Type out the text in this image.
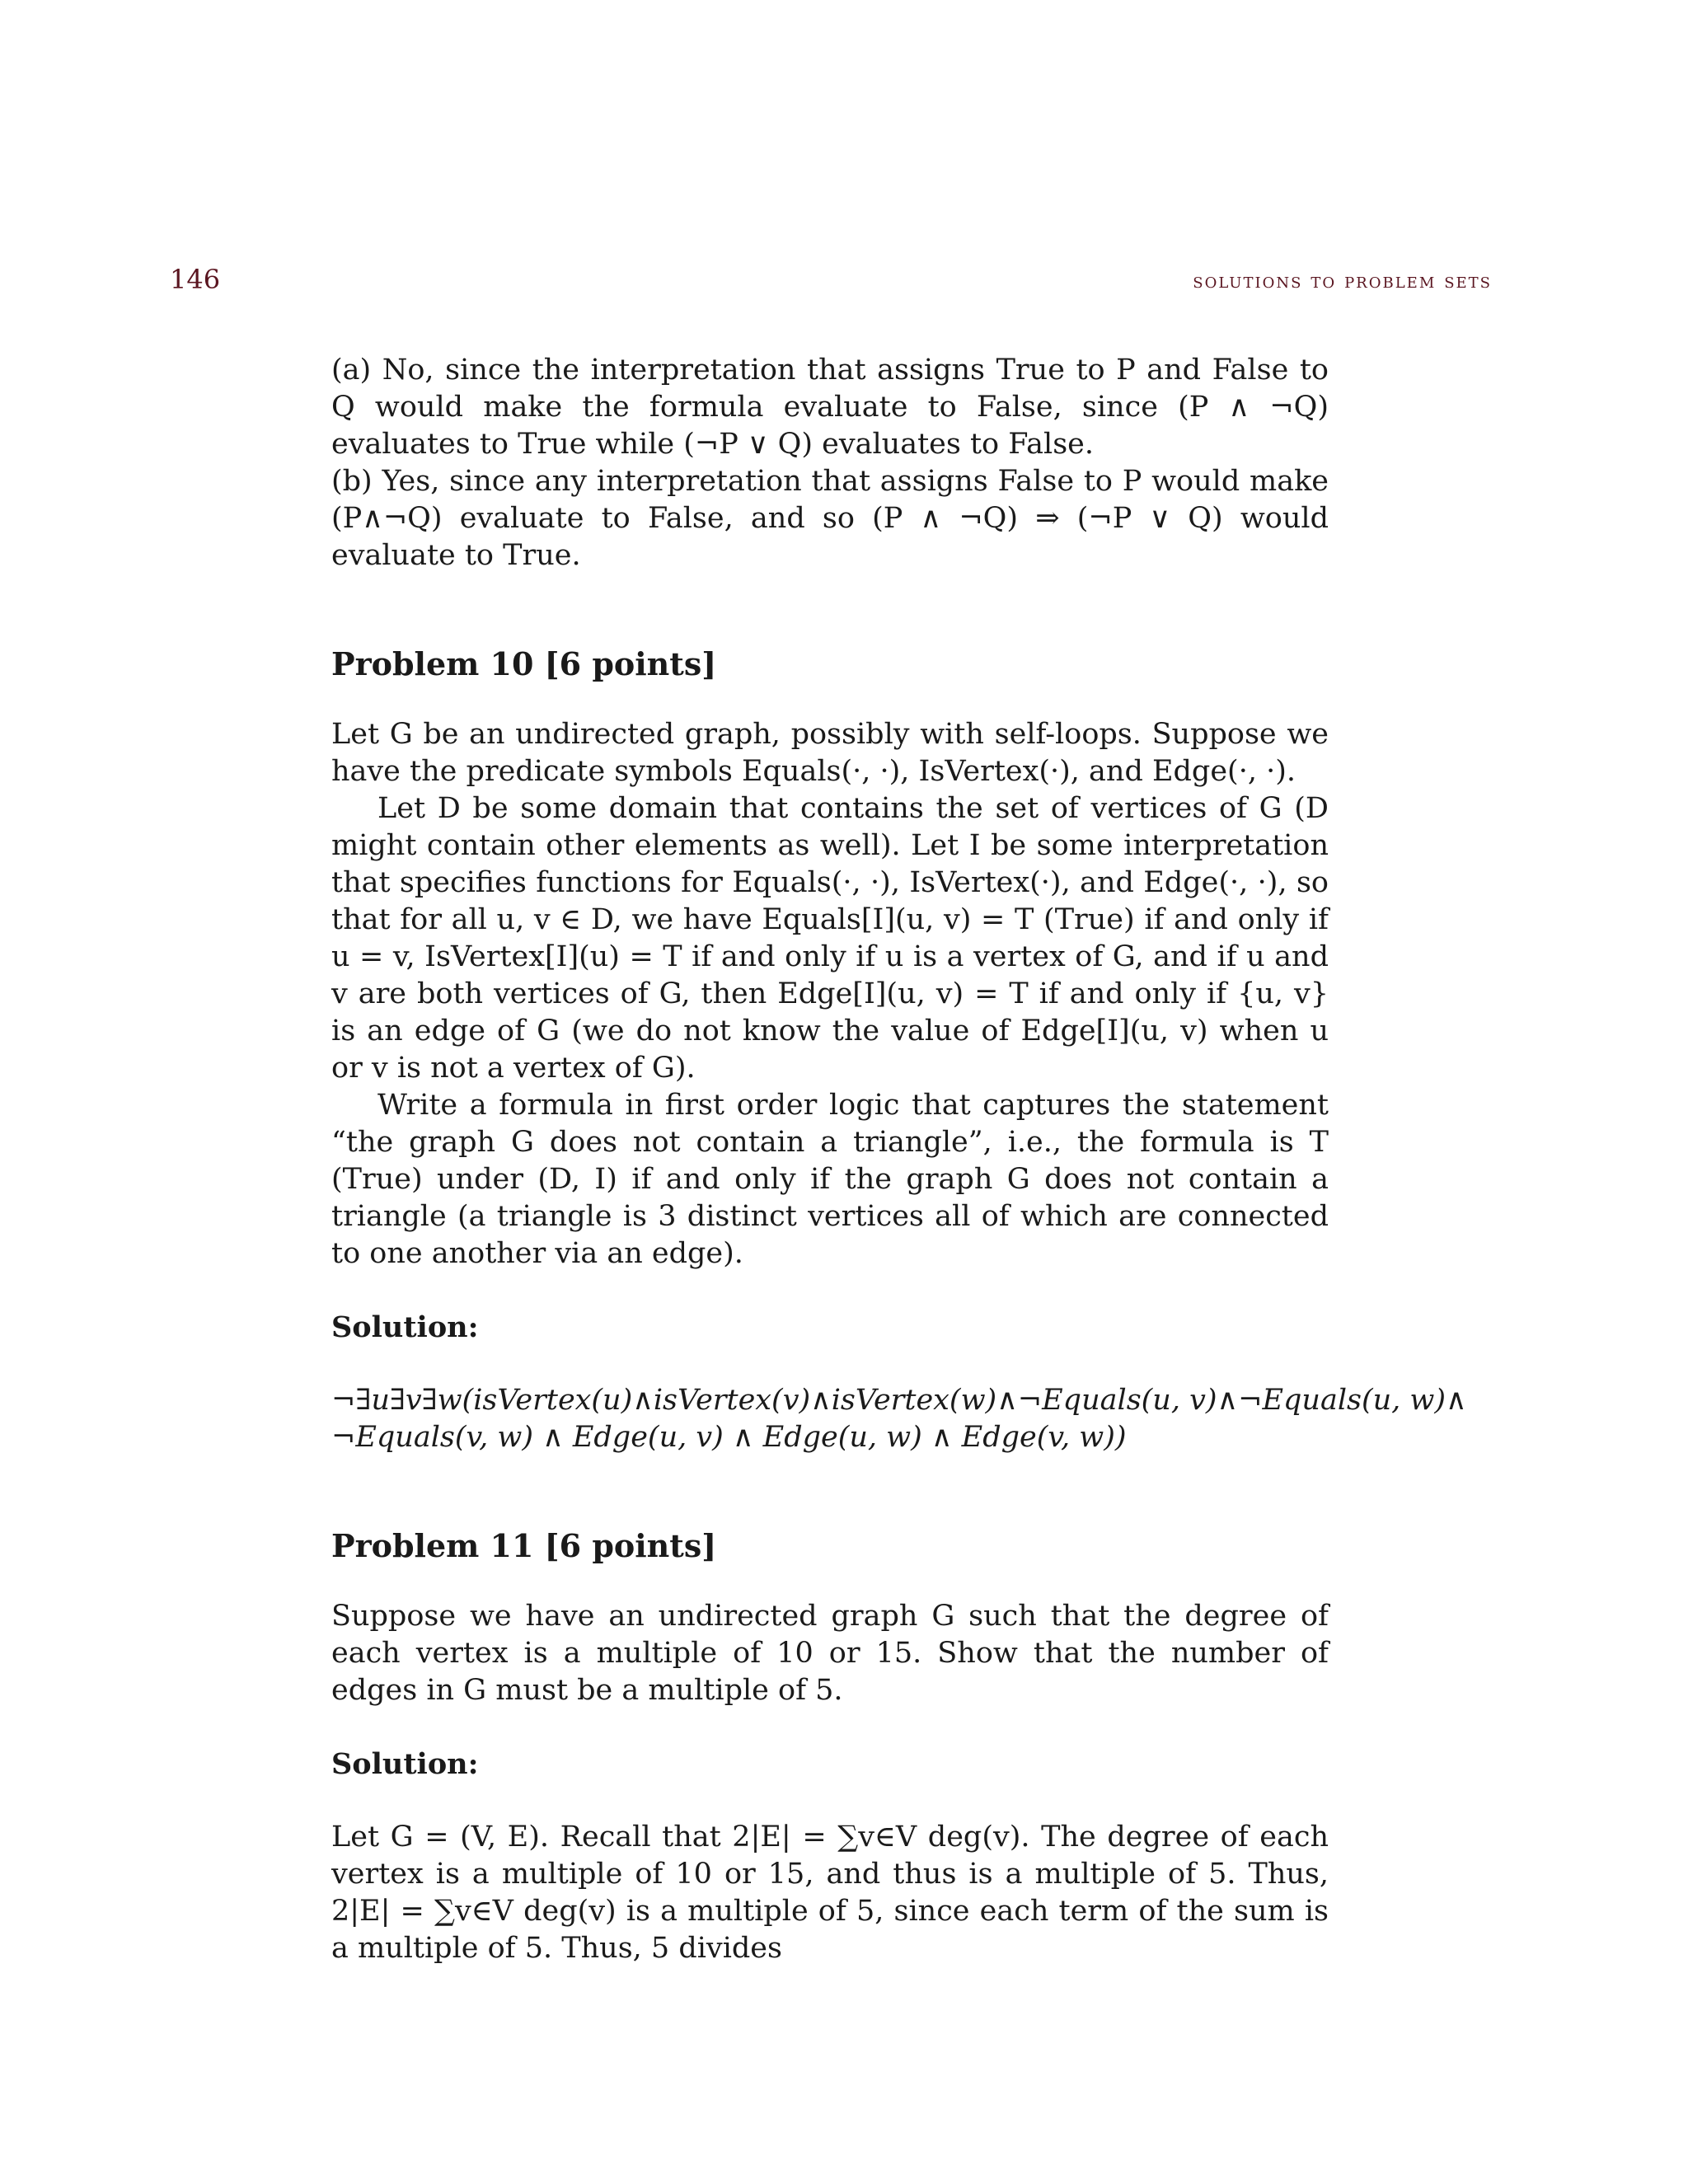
146	solutions to problem sets

(a) No, since the interpretation that assigns True to P and False to Q would make the formula evaluate to False, since (P ∧ ¬Q) evaluates to True while (¬P ∨ Q) evaluates to False.

(b) Yes, since any interpretation that assigns False to P would make (P∧¬Q) evaluate to False, and so (P ∧ ¬Q) ⇒ (¬P ∨ Q) would evaluate to True.

Problem 10 [6 points]

Let G be an undirected graph, possibly with self-loops. Suppose we have the predicate symbols Equals(·, ·), IsVertex(·), and Edge(·, ·).

Let D be some domain that contains the set of vertices of G (D might contain other elements as well). Let I be some interpretation that specifies functions for Equals(·, ·), IsVertex(·), and Edge(·, ·), so that for all u, v ∈ D, we have Equals[I](u, v) = T (True) if and only if u = v, IsVertex[I](u) = T if and only if u is a vertex of G, and if u and v are both vertices of G, then Edge[I](u, v) = T if and only if {u, v} is an edge of G (we do not know the value of Edge[I](u, v) when u or v is not a vertex of G).

Write a formula in first order logic that captures the statement “the graph G does not contain a triangle”, i.e., the formula is T (True) under (D, I) if and only if the graph G does not contain a triangle (a triangle is 3 distinct vertices all of which are connected to one another via an edge).

Solution:

¬∃u∃v∃w(isVertex(u)∧isVertex(v)∧isVertex(w)∧¬Equals(u, v)∧¬Equals(u, w)∧

¬Equals(v, w) ∧ Edge(u, v) ∧ Edge(u, w) ∧ Edge(v, w))

Problem 11 [6 points]

Suppose we have an undirected graph G such that the degree of each vertex is a multiple of 10 or 15. Show that the number of edges in G must be a multiple of 5.

Solution:

Let G = (V, E). Recall that 2|E| = ∑v∈V deg(v). The degree of each vertex is a multiple of 10 or 15, and thus is a multiple of 5. Thus, 2|E| = ∑v∈V deg(v) is a multiple of 5, since each term of the sum is a multiple of 5. Thus, 5 divides
